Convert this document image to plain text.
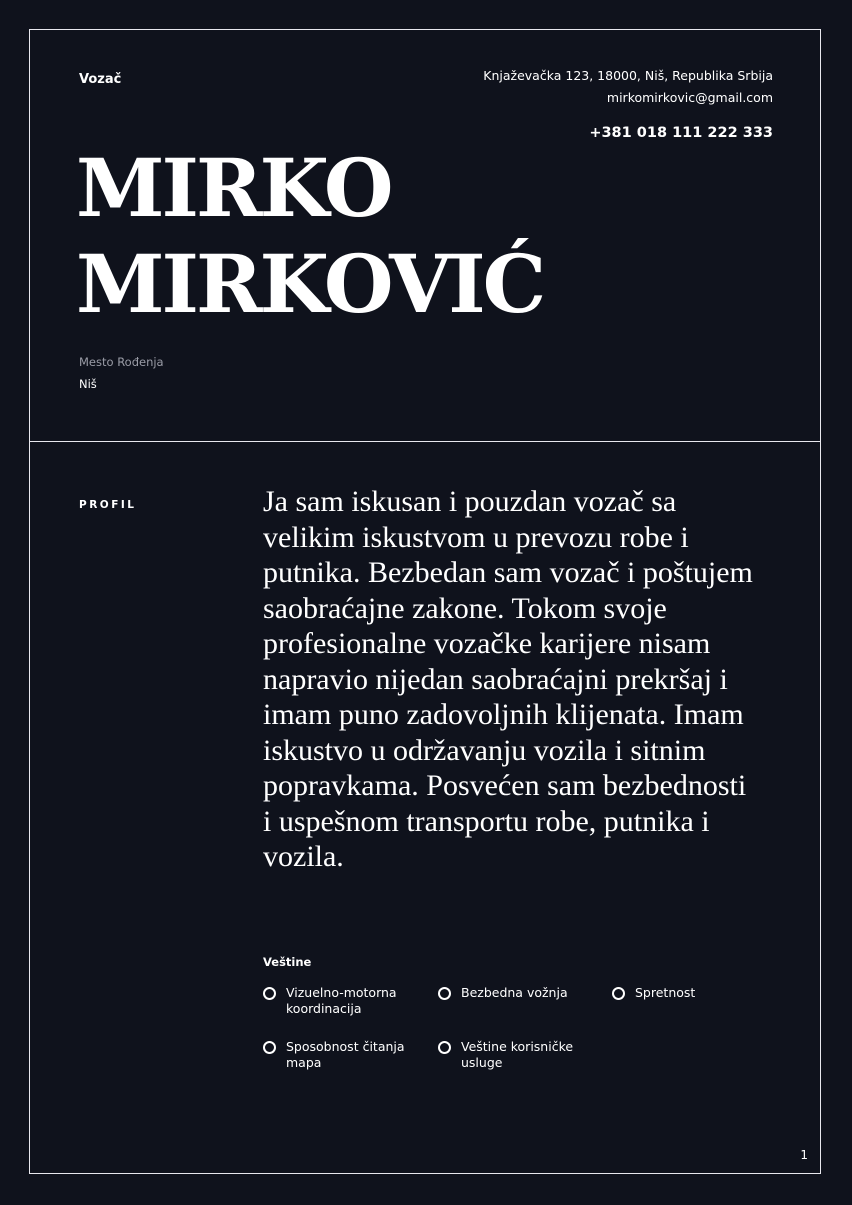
Vozač	Knjaževačka 123, 18000, Niš, Republika Srbija
mirkomirkovic@gmail.com
+381 018 111 222 333
MIRKO
MIRKOVIĆ
Mesto Rođenja
Niš
PROFIL	Ja sam iskusan i pouzdan vozač sa velikim iskustvom u prevozu robe i putnika. Bezbedan sam vozač i poštujem saobraćajne zakone. Tokom svoje profesionalne vozačke karijere nisam napravio nijedan saobraćajni prekršaj i imam puno zadovoljnih klijenata. Imam iskustvo u održavanju vozila i sitnim popravkama. Posvećen sam bezbednosti i uspešnom transportu robe, putnika i vozila.

Veštine
Vizuelno-motorna koordinacija
Bezbedna vožnja	Spretnost
Sposobnost čitanja mapa
Veštine korisničke usluge
1
